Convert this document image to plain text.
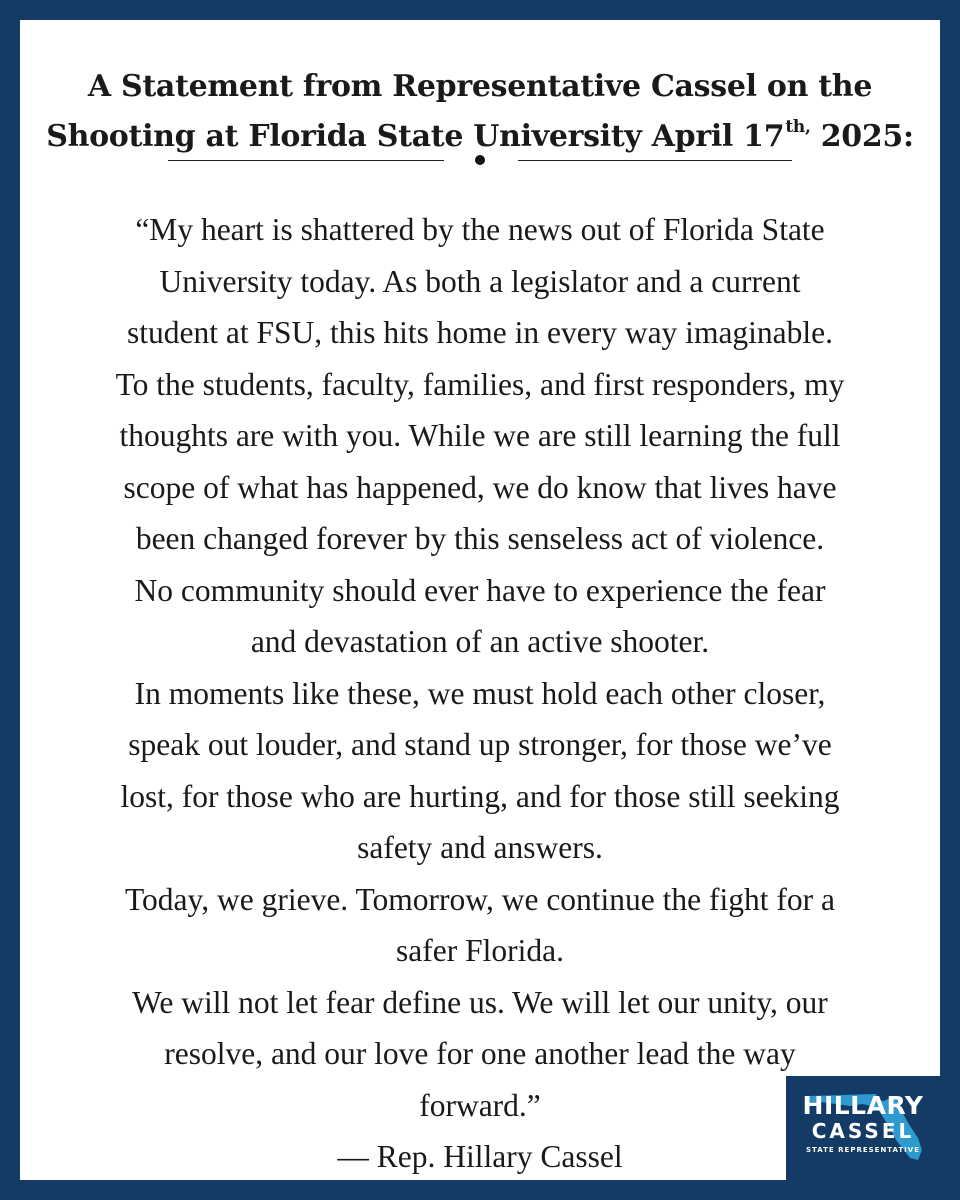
A Statement from Representative Cassel on the
Shooting at Florida State University April $17^{th,}$ 2025:
“My heart is shattered by the news out of Florida State
University today. As both a legislator and a current
student at FSU, this hits home in every way imaginable.
To the students, faculty, families, and first responders, my
thoughts are with you. While we are still learning the full
scope of what has happened, we do know that lives have
been changed forever by this senseless act of violence.
No community should ever have to experience the fear
and devastation of an active shooter.
In moments like these, we must hold each other closer,
speak out louder, and stand up stronger, for those we’ve
lost, for those who are hurting, and for those still seeking
safety and answers.
Today, we grieve. Tomorrow, we continue the fight for a
safer Florida.
We will not let fear define us. We will let our unity, our
resolve, and our love for one another lead the way
forward.”
— Rep. Hillary Cassel
HILLARY
CASSEL
STATE REPRESENTATIVE
